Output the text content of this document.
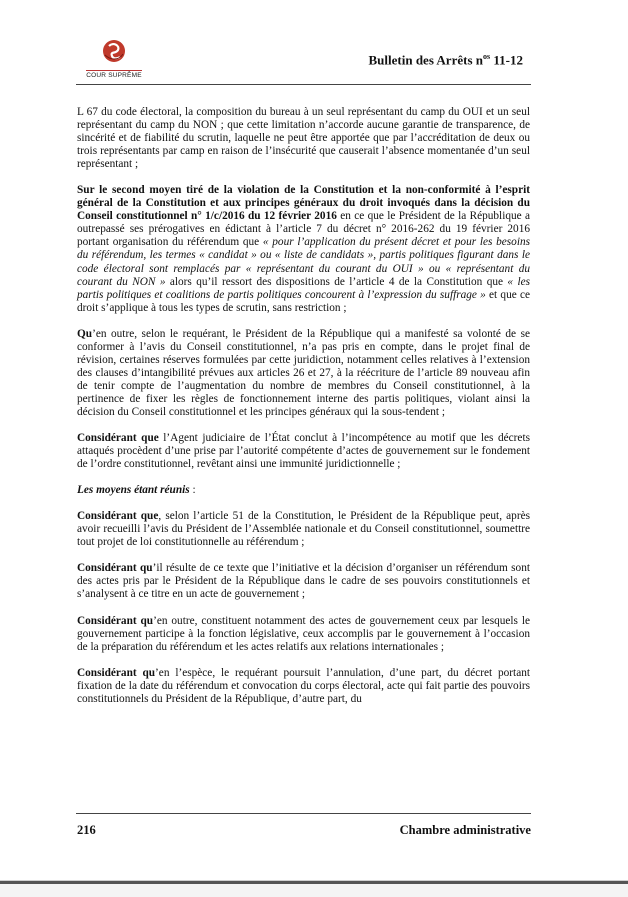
COUR SUPRÊME
Bulletin des Arrêts $n^{os}$ 11-12

L 67 du code électoral, la composition du bureau à un seul représentant du camp du OUI et un seul représentant du camp du NON ; que cette limitation n’accorde aucune garantie de transparence, de sincérité et de fiabilité du scrutin, laquelle ne peut être apportée que par l’accréditation de deux ou trois représentants par camp en raison de l’insécurité que causerait l’absence momentanée d’un seul représentant ;

Sur le second moyen tiré de la violation de la Constitution et la non-conformité à l’esprit général de la Constitution et aux principes généraux du droit invoqués dans la décision du Conseil constitutionnel n° 1/c/2016 du 12 février 2016 en ce que le Président de la République a outrepassé ses prérogatives en édictant à l’article 7 du décret n° 2016-262 du 19 février 2016 portant organisation du référendum que « pour l’application du présent décret et pour les besoins du référendum, les termes « candidat » ou « liste de candidats », partis politiques figurant dans le code électoral sont remplacés par « représentant du courant du OUI » ou « représentant du courant du NON » alors qu’il ressort des dispositions de l’article 4 de la Constitution que « les partis politiques et coalitions de partis politiques concourent à l’expression du suffrage » et que ce droit s’applique à tous les types de scrutin, sans restriction ;

Qu’en outre, selon le requérant, le Président de la République qui a manifesté sa volonté de se conformer à l’avis du Conseil constitutionnel, n’a pas pris en compte, dans le projet final de révision, certaines réserves formulées par cette juridiction, notamment celles relatives à l’extension des clauses d’intangibilité prévues aux articles 26 et 27, à la réécriture de l’article 89 nouveau afin de tenir compte de l’augmentation du nombre de membres du Conseil constitutionnel, à la pertinence de fixer les règles de fonctionnement interne des partis politiques, violant ainsi la décision du Conseil constitutionnel et les principes généraux qui la sous-tendent ;

Considérant que l’Agent judiciaire de l’État conclut à l’incompétence au motif que les décrets attaqués procèdent d’une prise par l’autorité compétente d’actes de gouvernement sur le fondement de l’ordre constitutionnel, revêtant ainsi une immunité juridictionnelle ;

Les moyens étant réunis :

Considérant que, selon l’article 51 de la Constitution, le Président de la République peut, après avoir recueilli l’avis du Président de l’Assemblée nationale et du Conseil constitutionnel, soumettre tout projet de loi constitutionnelle au référendum ;

Considérant qu’il résulte de ce texte que l’initiative et la décision d’organiser un référendum sont des actes pris par le Président de la République dans le cadre de ses pouvoirs constitutionnels et s’analysent à ce titre en un acte de gouvernement ;

Considérant qu’en outre, constituent notamment des actes de gouvernement ceux par lesquels le gouvernement participe à la fonction législative, ceux accomplis par le gouvernement à l’occasion de la préparation du référendum et les actes relatifs aux relations internationales ;

Considérant qu’en l’espèce, le requérant poursuit l’annulation, d’une part, du décret portant fixation de la date du référendum et convocation du corps électoral, acte qui fait partie des pouvoirs constitutionnels du Président de la République, d’autre part, du

216	Chambre administrative
